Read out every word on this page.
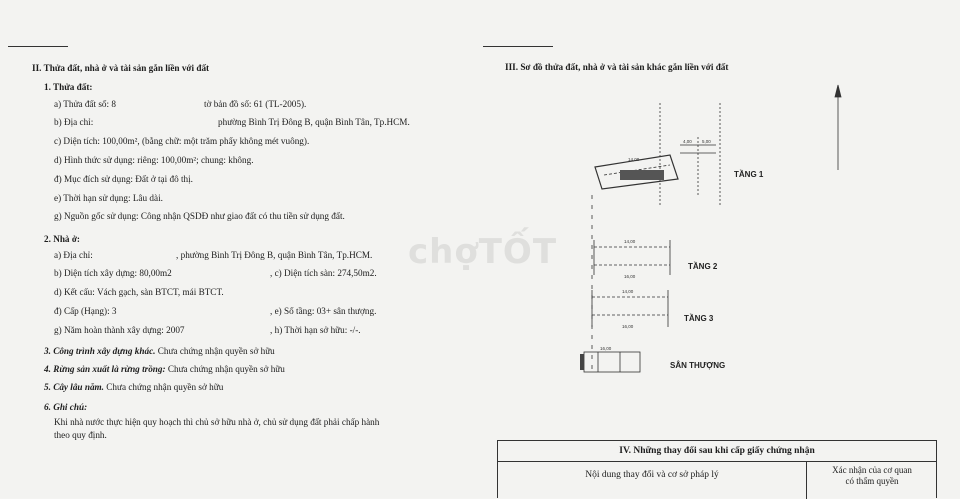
II. Thửa đất, nhà ở và tài sản gắn liền với đất
1. Thửa đất:
a) Thửa đất số: 8	tờ bản đồ số: 61 (TL-2005).
b) Địa chỉ:	phường Bình Trị Đông B, quận Bình Tân, Tp.HCM.
c) Diện tích: 100,00m², (bằng chữ: một trăm phẩy không mét vuông).
d) Hình thức sử dụng: riêng: 100,00m²; chung: không.
đ) Mục đích sử dụng: Đất ở tại đô thị.
e) Thời hạn sử dụng: Lâu dài.
g) Nguồn gốc sử dụng: Công nhận QSDĐ như giao đất có thu tiền sử dụng đất.
2. Nhà ở:
a) Địa chỉ:	, phường Bình Trị Đông B, quận Bình Tân, Tp.HCM.
b) Diện tích xây dựng: 80,00m2	, c) Diện tích sàn: 274,50m2.
d) Kết cấu: Vách gạch, sàn BTCT, mái BTCT.
đ) Cấp (Hạng): 3	, e) Số tầng: 03+ sân thượng.
g) Năm hoàn thành xây dựng: 2007	, h) Thời hạn sở hữu: -/-.
3. Công trình xây dựng khác. Chưa chứng nhận quyền sở hữu
4. Rừng sản xuất là rừng trồng: Chưa chứng nhận quyền sở hữu
5. Cây lâu năm. Chưa chứng nhận quyền sở hữu
6. Ghi chú:
Khi nhà nước thực hiện quy hoạch thì chủ sở hữu nhà ở, chủ sử dụng đất phải chấp hành
theo quy định.
III. Sơ đồ thửa đất, nhà ở và tài sản khác gắn liền với đất
TẦNG 1
TẦNG 2
TẦNG 3
SÂN THƯỢNG
14,00
14,00
16,00
14,00
16,00
4,00 5,00
16,00
chợTỐT
IV. Những thay đổi sau khi cấp giấy chứng nhận
Nội dung thay đổi và cơ sở pháp lý	Xác nhận của cơ quan
có thẩm quyền
